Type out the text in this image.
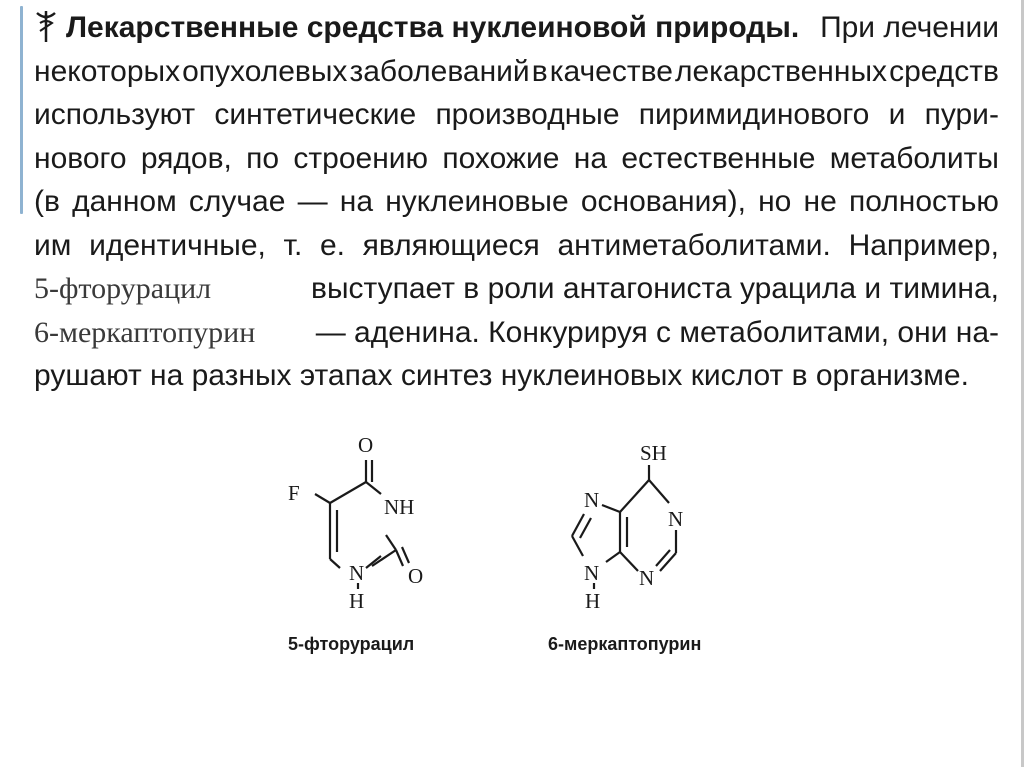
Лекарственные средства нуклеиновой природы. При лечении
некоторых опухолевых заболеваний в качестве лекарственных средств
используют синтетические производные пиримидинового и пури-
нового рядов, по строению похожие на естественные метаболиты
(в данном случае — на нуклеиновые основания), но не полностью
им идентичные, т. е. являющиеся антиметаболитами. Например,
5-фторурацил	выступает в роли антагониста урацила и тимина,
6-меркаптопурин — аденина. Конкурируя с метаболитами, они на-
рушают на разных этапах синтез нуклеиновых кислот в организме.
F
O
NH
N O
H
5-фторурацил
SH
N
N
N N
H
6-меркаптопурин
